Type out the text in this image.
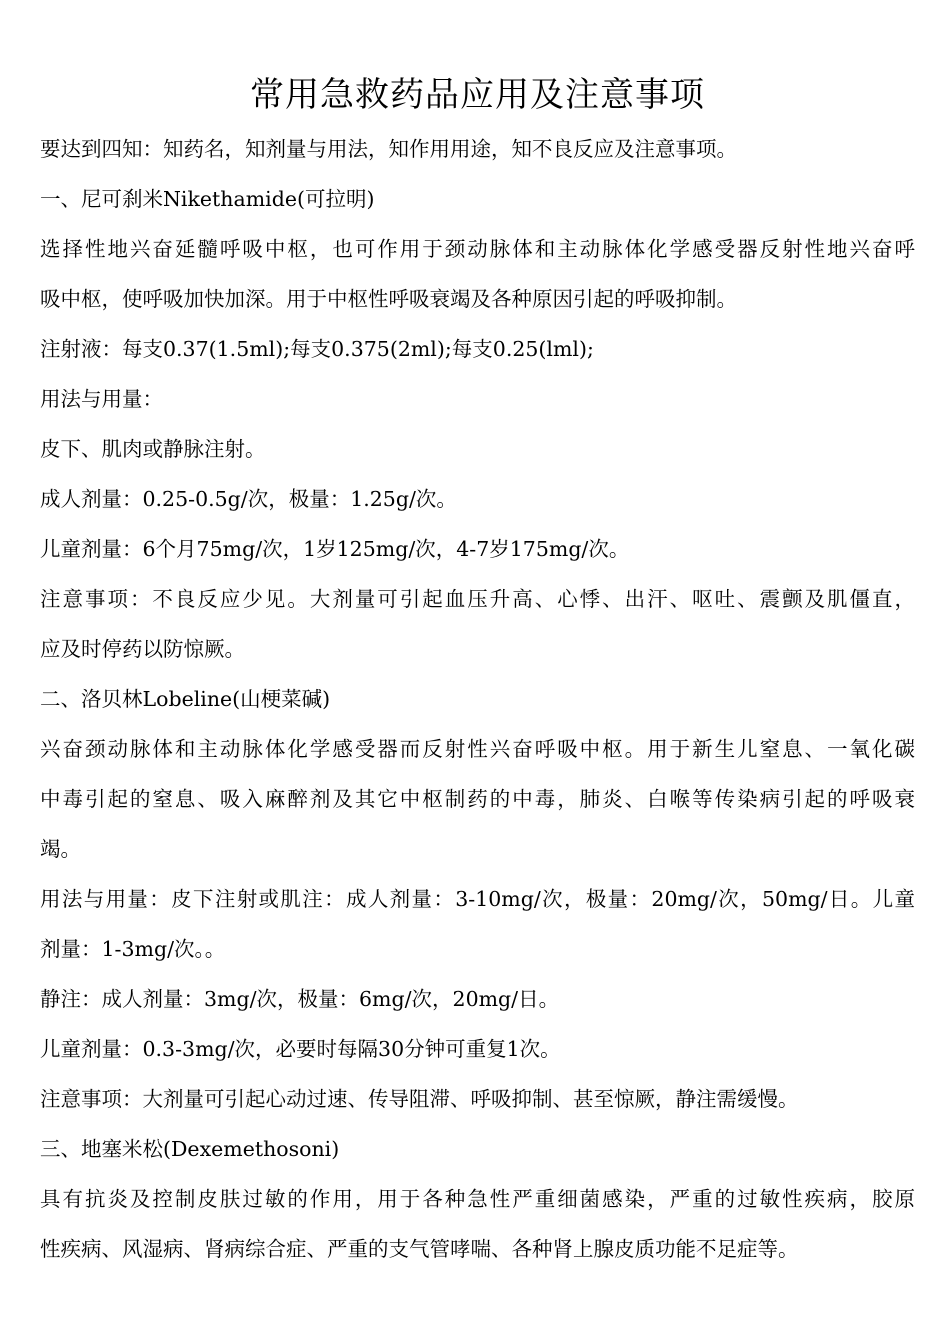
常用急救药品应用及注意事项
要达到四知：知药名，知剂量与用法，知作用用途，知不良反应及注意事项。
一、尼可刹米Nikethamide(可拉明)
选择性地兴奋延髓呼吸中枢，也可作用于颈动脉体和主动脉体化学感受器反射性地兴奋呼
吸中枢，使呼吸加快加深。用于中枢性呼吸衰竭及各种原因引起的呼吸抑制。
注射液：每支0.37(1.5ml);每支0.375(2ml);每支0.25(lml);
用法与用量：
皮下、肌肉或静脉注射。
成人剂量：0.25-0.5g/次，极量：1.25g/次。
儿童剂量：6个月75mg/次，1岁125mg/次，4-7岁175mg/次。
注意事项：不良反应少见。大剂量可引起血压升高、心悸、出汗、呕吐、震颤及肌僵直，
应及时停药以防惊厥。
二、洛贝林Lobeline(山梗菜碱)
兴奋颈动脉体和主动脉体化学感受器而反射性兴奋呼吸中枢。用于新生儿窒息、一氧化碳
中毒引起的窒息、吸入麻醉剂及其它中枢制药的中毒，肺炎、白喉等传染病引起的呼吸衰
竭。
用法与用量：皮下注射或肌注：成人剂量：3-10mg/次，极量：20mg/次，50mg/日。儿童
剂量：1-3mg/次。。
静注：成人剂量：3mg/次，极量：6mg/次，20mg/日。
儿童剂量：0.3-3mg/次，必要时每隔30分钟可重复1次。
注意事项：大剂量可引起心动过速、传导阻滞、呼吸抑制、甚至惊厥，静注需缓慢。
三、地塞米松(Dexemethosoni)
具有抗炎及控制皮肤过敏的作用，用于各种急性严重细菌感染，严重的过敏性疾病，胶原
性疾病、风湿病、肾病综合症、严重的支气管哮喘、各种肾上腺皮质功能不足症等。
